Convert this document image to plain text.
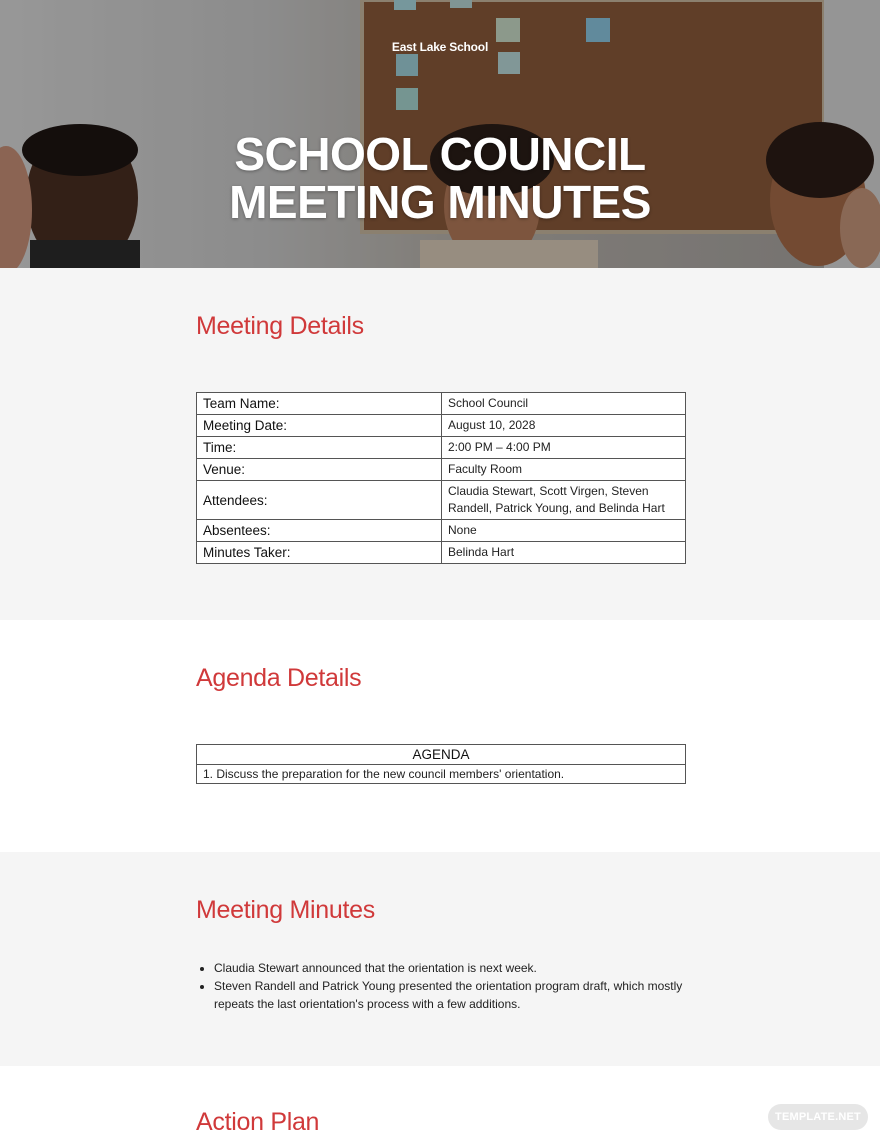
East Lake School
SCHOOL COUNCIL
MEETING MINUTES
Meeting Details
Team Name:	School Council
Meeting Date:	August 10, 2028
Time:	2:00 PM – 4:00 PM
Venue:	Faculty Room
Attendees:	Claudia Stewart, Scott Virgen, Steven Randell, Patrick Young, and Belinda Hart
Absentees:	None
Minutes Taker:	Belinda Hart
Agenda Details
AGENDA
1. Discuss the preparation for the new council members' orientation.
Meeting Minutes
• Claudia Stewart announced that the orientation is next week.
• Steven Randell and Patrick Young presented the orientation program draft, which mostly repeats the last orientation's process with a few additions.
Action Plan	TEMPLATE.NET
